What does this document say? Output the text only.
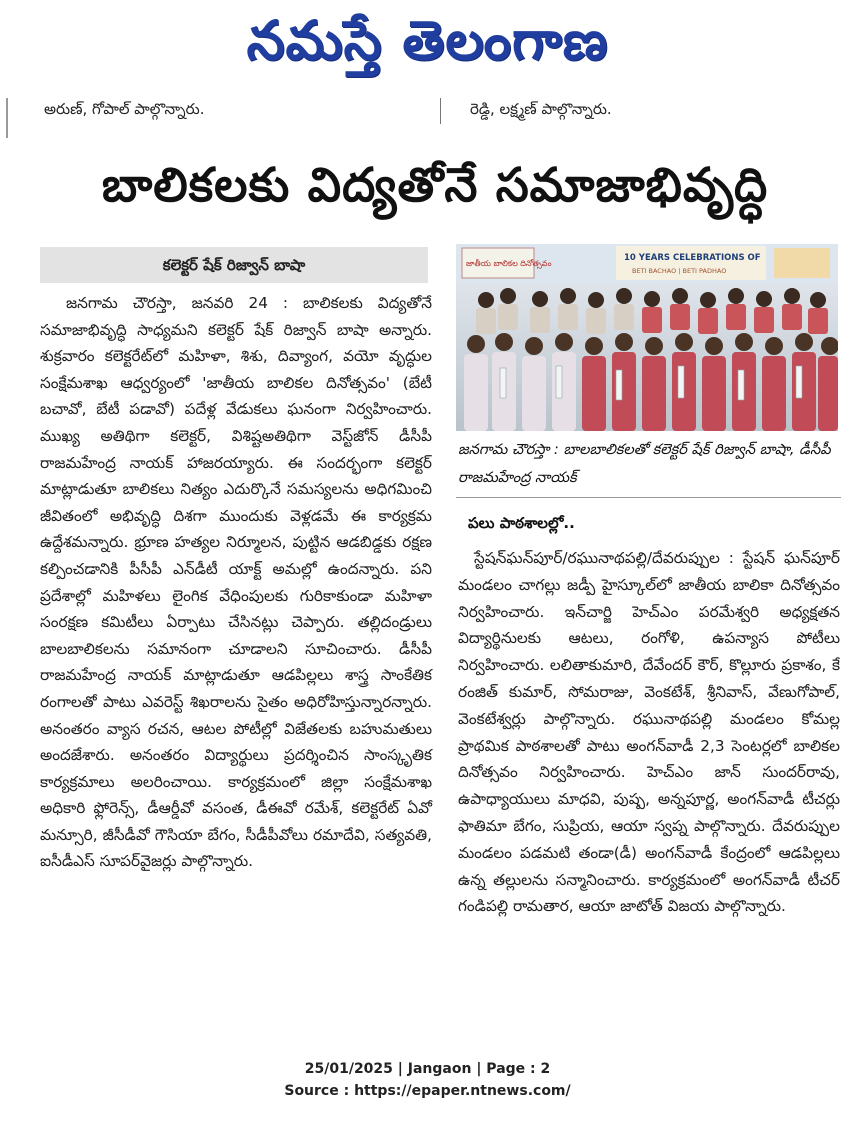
నమస్తే తెలంగాణ
అరుణ్, గోపాల్ పాల్గొన్నారు.	రెడ్డి, లక్ష్మణ్ పాల్గొన్నారు.
బాలికలకు విద్యతోనే సమాజాభివృద్ధి
కలెక్టర్ షేక్ రిజ్వాన్ బాషా

జనగామ చౌరస్తా, జనవరి 24 : బాలికలకు విద్యతోనే సమాజాభివృద్ధి సాధ్యమని కలెక్టర్ షేక్ రిజ్వాన్ బాషా అన్నారు. శుక్రవారం కలెక్టరేట్‌లో మహిళా, శిశు, దివ్యాంగ, వయో వృద్ధుల సంక్షేమశాఖ ఆధ్వర్యంలో 'జాతీయ బాలికల దినోత్సవం' (బేటీ బచావో, బేటీ పడావో) పదేళ్ల వేడుకలు ఘనంగా నిర్వహించారు. ముఖ్య అతిథిగా కలెక్టర్, విశిష్టఅతిథిగా వెస్ట్‌జోన్ డీసీపీ రాజమహేంద్ర నాయక్ హాజరయ్యారు. ఈ సందర్భంగా కలెక్టర్ మాట్లాడుతూ బాలికలు నిత్యం ఎదుర్కొనే సమస్యలను అధిగమించి జీవితంలో అభివృద్ధి దిశగా ముందుకు వెళ్లడమే ఈ కార్యక్రమ ఉద్దేశమన్నారు. భ్రూణ హత్యల నిర్మూలన, పుట్టిన ఆడబిడ్డకు రక్షణ కల్పించడానికి పీసీపీ ఎన్‌డీటీ యాక్ట్ అమల్లో ఉందన్నారు. పని ప్రదేశాల్లో మహిళలు లైంగిక వేధింపులకు గురికాకుండా మహిళా సంరక్షణ కమిటీలు ఏర్పాటు చేసినట్లు చెప్పారు. తల్లిదండ్రులు బాలబాలికలను సమానంగా చూడాలని సూచించారు. డీసీపీ రాజమహేంద్ర నాయక్ మాట్లాడుతూ ఆడపిల్లలు శాస్త్ర సాంకేతిక రంగాలతో పాటు ఎవరెస్ట్ శిఖరాలను సైతం అధిరోహిస్తున్నారన్నారు. అనంతరం వ్యాస రచన, ఆటల పోటీల్లో విజేతలకు బహుమతులు అందజేశారు. అనంతరం విద్యార్థులు ప్రదర్శించిన సాంస్కృతిక కార్యక్రమాలు అలరించాయి. కార్యక్రమంలో జిల్లా సంక్షేమశాఖ అధికారి ఫ్లోరెన్స్, డీఆర్డీవో వసంత, డీఈవో రమేశ్, కలెక్టరేట్ ఏవో మన్సూరి, జీసీడీవో గౌసియా బేగం, సీడీపీవోలు రమాదేవి, సత్యవతి, ఐసీడీఎస్ సూపర్‌వైజర్లు పాల్గొన్నారు.

జాతీయ బాలికల దినోత్సవం
10 YEARS CELEBRATIONS OF
BETI BACHAO | BETI PADHAO
జనగామ చౌరస్తా : బాలబాలికలతో కలెక్టర్ షేక్ రిజ్వాన్ బాషా, డీసీపీ రాజమహేంద్ర నాయక్
పలు పాఠశాలల్లో..

స్టేషన్‌ఘన్‌పూర్/రఘునాథపల్లి/దేవరుప్పుల : స్టేషన్ ఘన్‌పూర్ మండలం చాగల్లు జడ్పీ హైస్కూల్‌లో జాతీయ బాలికా దినోత్సవం నిర్వహించారు. ఇన్‌చార్జి హెచ్‌ఎం పరమేశ్వరి అధ్యక్షతన విద్యార్థినులకు ఆటలు, రంగోళి, ఉపన్యాస పోటీలు నిర్వహించారు. లలితాకుమారి, దేవేందర్ కౌర్, కొల్లూరు ప్రకాశం, కే రంజిత్ కుమార్, సోమరాజు, వెంకటేశ్, శ్రీనివాస్, వేణుగోపాల్, వెంకటేశ్వర్లు పాల్గొన్నారు. రఘునాథపల్లి మండలం కోమల్ల ప్రాథమిక పాఠశాలతో పాటు అంగన్‌వాడీ 2,3 సెంటర్లలో బాలికల దినోత్సవం నిర్వహించారు. హెచ్‌ఎం జాన్ సుందర్‌రావు, ఉపాధ్యాయులు మాధవి, పుష్ప, అన్నపూర్ణ, అంగన్‌వాడీ టీచర్లు ఫాతిమా బేగం, సుప్రియ, ఆయా స్వప్న పాల్గొన్నారు. దేవరుప్పుల మండలం పడమటి తండా(డీ) అంగన్‌వాడీ కేంద్రంలో ఆడపిల్లలు ఉన్న తల్లులను సన్మానించారు. కార్యక్రమంలో అంగన్‌వాడీ టీచర్ గండిపల్లి రామతార, ఆయా జాటోత్ విజయ పాల్గొన్నారు.

25/01/2025 | Jangaon | Page : 2
Source : https://epaper.ntnews.com/
